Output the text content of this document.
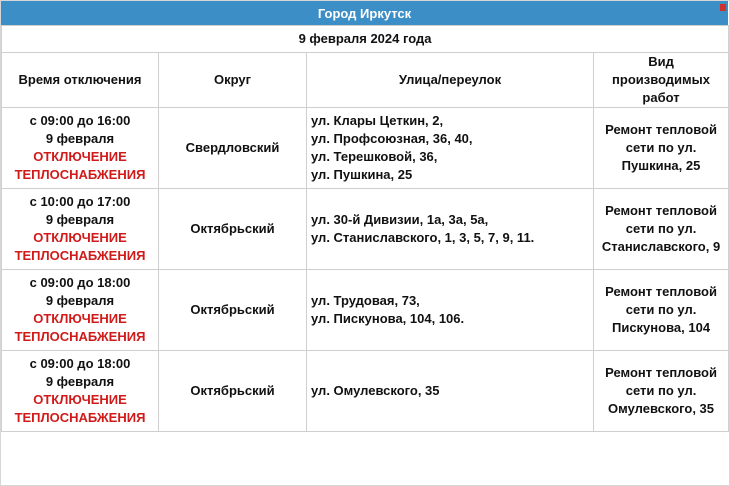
Город Иркутск
9 февраля 2024 года			
Время отключения	Округ	Улица/переулок	Вид производимых работ

с 09:00 до 16:00
9 февраля
ОТКЛЮЧЕНИЕ
ТЕПЛОСНАБЖЕНИЯ	Свердловский	ул. Клары Цеткин, 2,
ул. Профсоюзная, 36, 40,
ул. Терешковой, 36,
ул. Пушкина, 25	Ремонт тепловой
сети по ул.
Пушкина, 25

с 10:00 до 17:00
9 февраля
ОТКЛЮЧЕНИЕ
ТЕПЛОСНАБЖЕНИЯ	Октябрьский	ул. 30-й Дивизии, 1а, 3а, 5а,
ул. Станиславского, 1, 3, 5, 7, 9, 11.	Ремонт тепловой
сети по ул.
Станиславского, 9

с 09:00 до 18:00
9 февраля
ОТКЛЮЧЕНИЕ
ТЕПЛОСНАБЖЕНИЯ	Октябрьский	ул. Трудовая, 73,
ул. Пискунова, 104, 106.	Ремонт тепловой
сети по ул.
Пискунова, 104

с 09:00 до 18:00
9 февраля
ОТКЛЮЧЕНИЕ
ТЕПЛОСНАБЖЕНИЯ	Октябрьский	ул. Омулевского, 35	Ремонт тепловой
сети по ул.
Омулевского, 35
